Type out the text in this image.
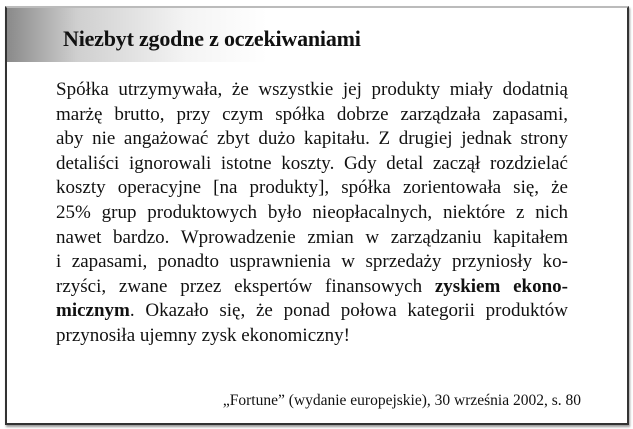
Niezbyt zgodne z oczekiwaniami
Spółka utrzymywała, że wszystkie jej produkty miały dodatnią
marżę brutto, przy czym spółka dobrze zarządzała zapasami,
aby nie angażować zbyt dużo kapitału. Z drugiej jednak strony
detaliści ignorowali istotne koszty. Gdy detal zaczął rozdzielać
koszty operacyjne [na produkty], spółka zorientowała się, że
25% grup produktowych było nieopłacalnych, niektóre z nich
nawet bardzo. Wprowadzenie zmian w zarządzaniu kapitałem
i zapasami, ponadto usprawnienia w sprzedaży przyniosły ko-
rzyści, zwane przez ekspertów finansowych zyskiem ekono-
micznym. Okazało się, że ponad połowa kategorii produktów
przynosiła ujemny zysk ekonomiczny!
„Fortune” (wydanie europejskie), 30 września 2002, s. 80
